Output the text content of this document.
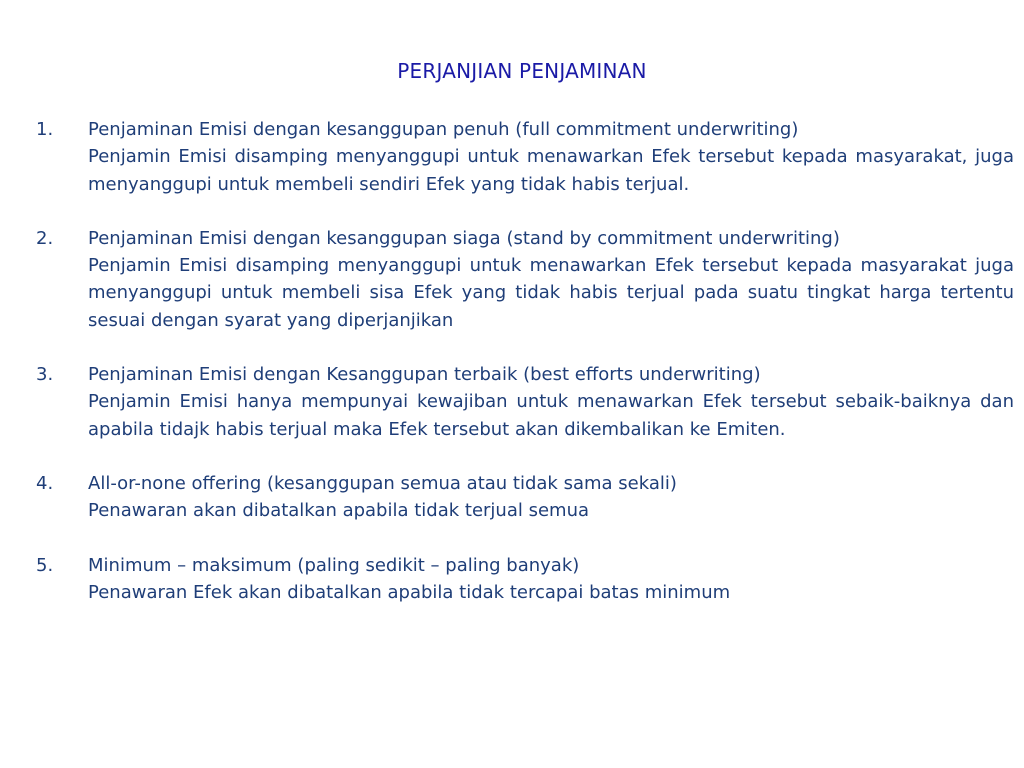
PERJANJIAN PENJAMINAN
1.	Penjaminan Emisi dengan kesanggupan penuh (full commitment underwriting)
Penjamin Emisi disamping menyanggupi untuk menawarkan Efek tersebut kepada masyarakat, juga menyanggupi untuk membeli sendiri Efek yang tidak habis terjual.
2.	Penjaminan Emisi dengan kesanggupan siaga (stand by commitment underwriting)
Penjamin Emisi disamping menyanggupi untuk menawarkan Efek tersebut kepada masyarakat juga menyanggupi untuk membeli sisa Efek yang tidak habis terjual pada suatu tingkat harga tertentu sesuai dengan syarat yang diperjanjikan
3.	Penjaminan Emisi dengan Kesanggupan terbaik (best efforts underwriting)
Penjamin Emisi hanya mempunyai kewajiban untuk menawarkan Efek tersebut sebaik-baiknya dan apabila tidajk habis terjual maka Efek tersebut akan dikembalikan ke Emiten.
4.	All-or-none offering (kesanggupan semua atau tidak sama sekali)
Penawaran akan dibatalkan apabila tidak terjual semua
5.	Minimum – maksimum (paling sedikit – paling banyak)
Penawaran Efek akan dibatalkan apabila tidak tercapai batas minimum
